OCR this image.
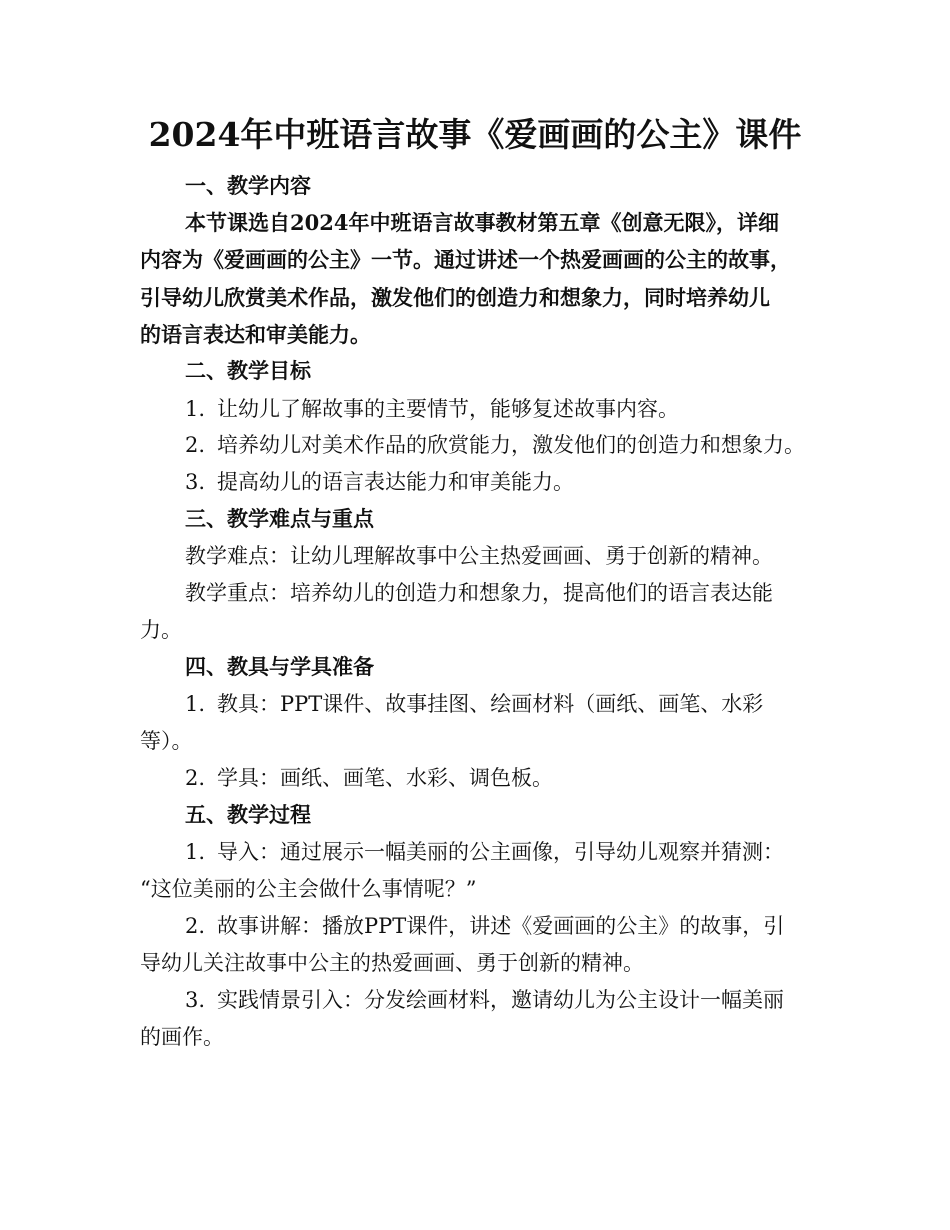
2024年中班语言故事《爱画画的公主》课件
一、教学内容
本节课选自2024年中班语言故事教材第五章《创意无限》，详细
内容为《爱画画的公主》一节。通过讲述一个热爱画画的公主的故事，
引导幼儿欣赏美术作品，激发他们的创造力和想象力，同时培养幼儿
的语言表达和审美能力。
二、教学目标
1. 让幼儿了解故事的主要情节，能够复述故事内容。
2. 培养幼儿对美术作品的欣赏能力，激发他们的创造力和想象力。
3. 提高幼儿的语言表达能力和审美能力。
三、教学难点与重点
教学难点：让幼儿理解故事中公主热爱画画、勇于创新的精神。
教学重点：培养幼儿的创造力和想象力，提高他们的语言表达能
力。
四、教具与学具准备
1. 教具：PPT课件、故事挂图、绘画材料（画纸、画笔、水彩
等）。
2. 学具：画纸、画笔、水彩、调色板。
五、教学过程
1. 导入：通过展示一幅美丽的公主画像，引导幼儿观察并猜测：
“这位美丽的公主会做什么事情呢？”
2. 故事讲解：播放PPT课件，讲述《爱画画的公主》的故事，引
导幼儿关注故事中公主的热爱画画、勇于创新的精神。
3. 实践情景引入：分发绘画材料，邀请幼儿为公主设计一幅美丽
的画作。
